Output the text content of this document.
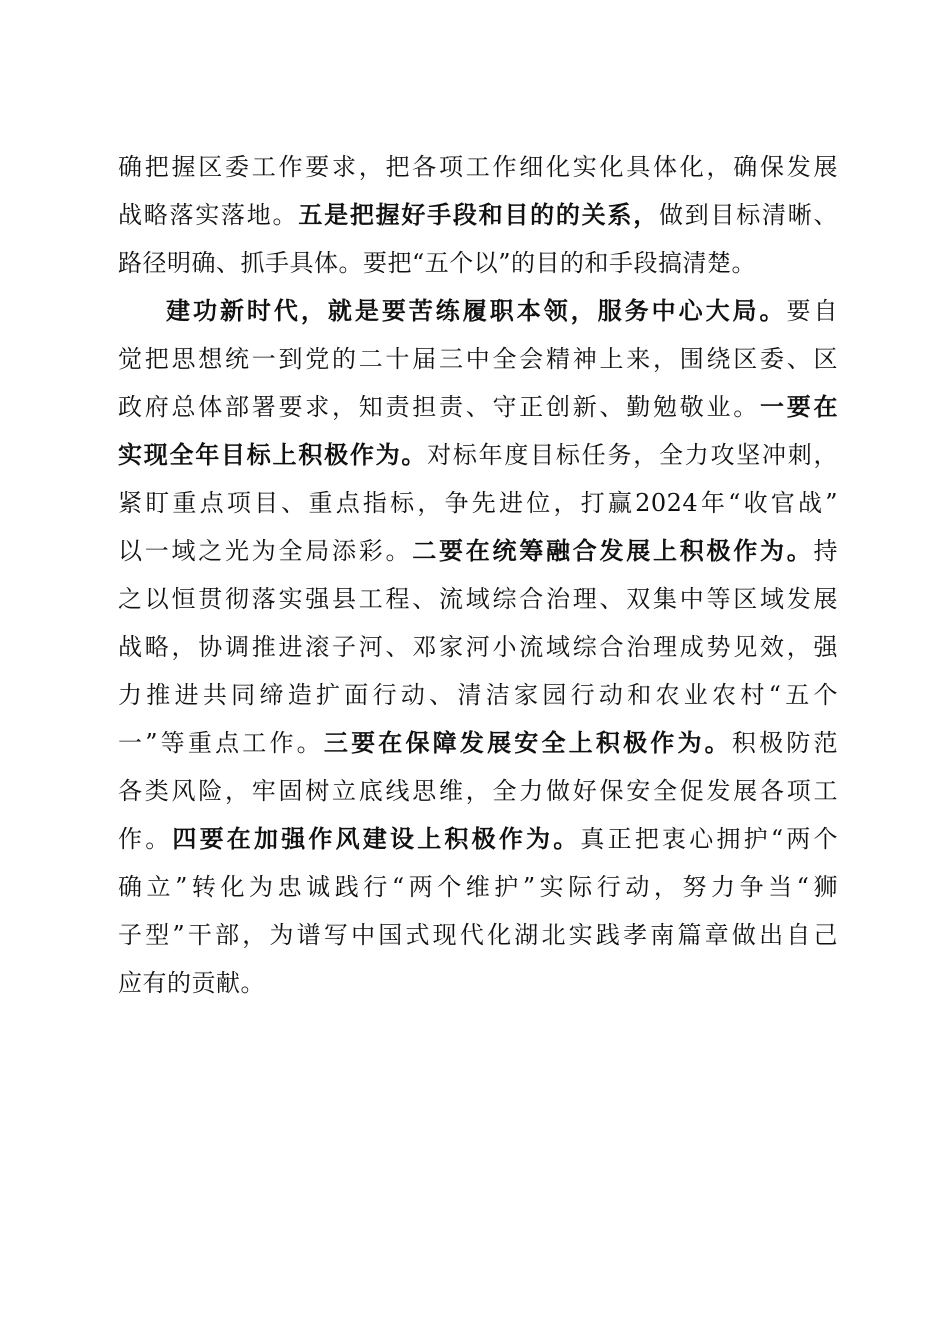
确把握区委工作要求，把各项工作细化实化具体化，确保发展
战略落实落地。五是把握好手段和目的的关系，做到目标清晰、
路径明确、抓手具体。要把“五个以”的目的和手段搞清楚。
建功新时代，就是要苦练履职本领，服务中心大局。要自
觉把思想统一到党的二十届三中全会精神上来，围绕区委、区
政府总体部署要求，知责担责、守正创新、勤勉敬业。一要在
实现全年目标上积极作为。对标年度目标任务，全力攻坚冲刺，
紧盯重点项目、重点指标，争先进位，打赢2024年“收官战”
以一域之光为全局添彩。二要在统筹融合发展上积极作为。持
之以恒贯彻落实强县工程、流域综合治理、双集中等区域发展
战略，协调推进滚子河、邓家河小流域综合治理成势见效，强
力推进共同缔造扩面行动、清洁家园行动和农业农村“五个
一”等重点工作。三要在保障发展安全上积极作为。积极防范
各类风险，牢固树立底线思维，全力做好保安全促发展各项工
作。四要在加强作风建设上积极作为。真正把衷心拥护“两个
确立”转化为忠诚践行“两个维护”实际行动，努力争当“狮
子型”干部，为谱写中国式现代化湖北实践孝南篇章做出自己
应有的贡献。
